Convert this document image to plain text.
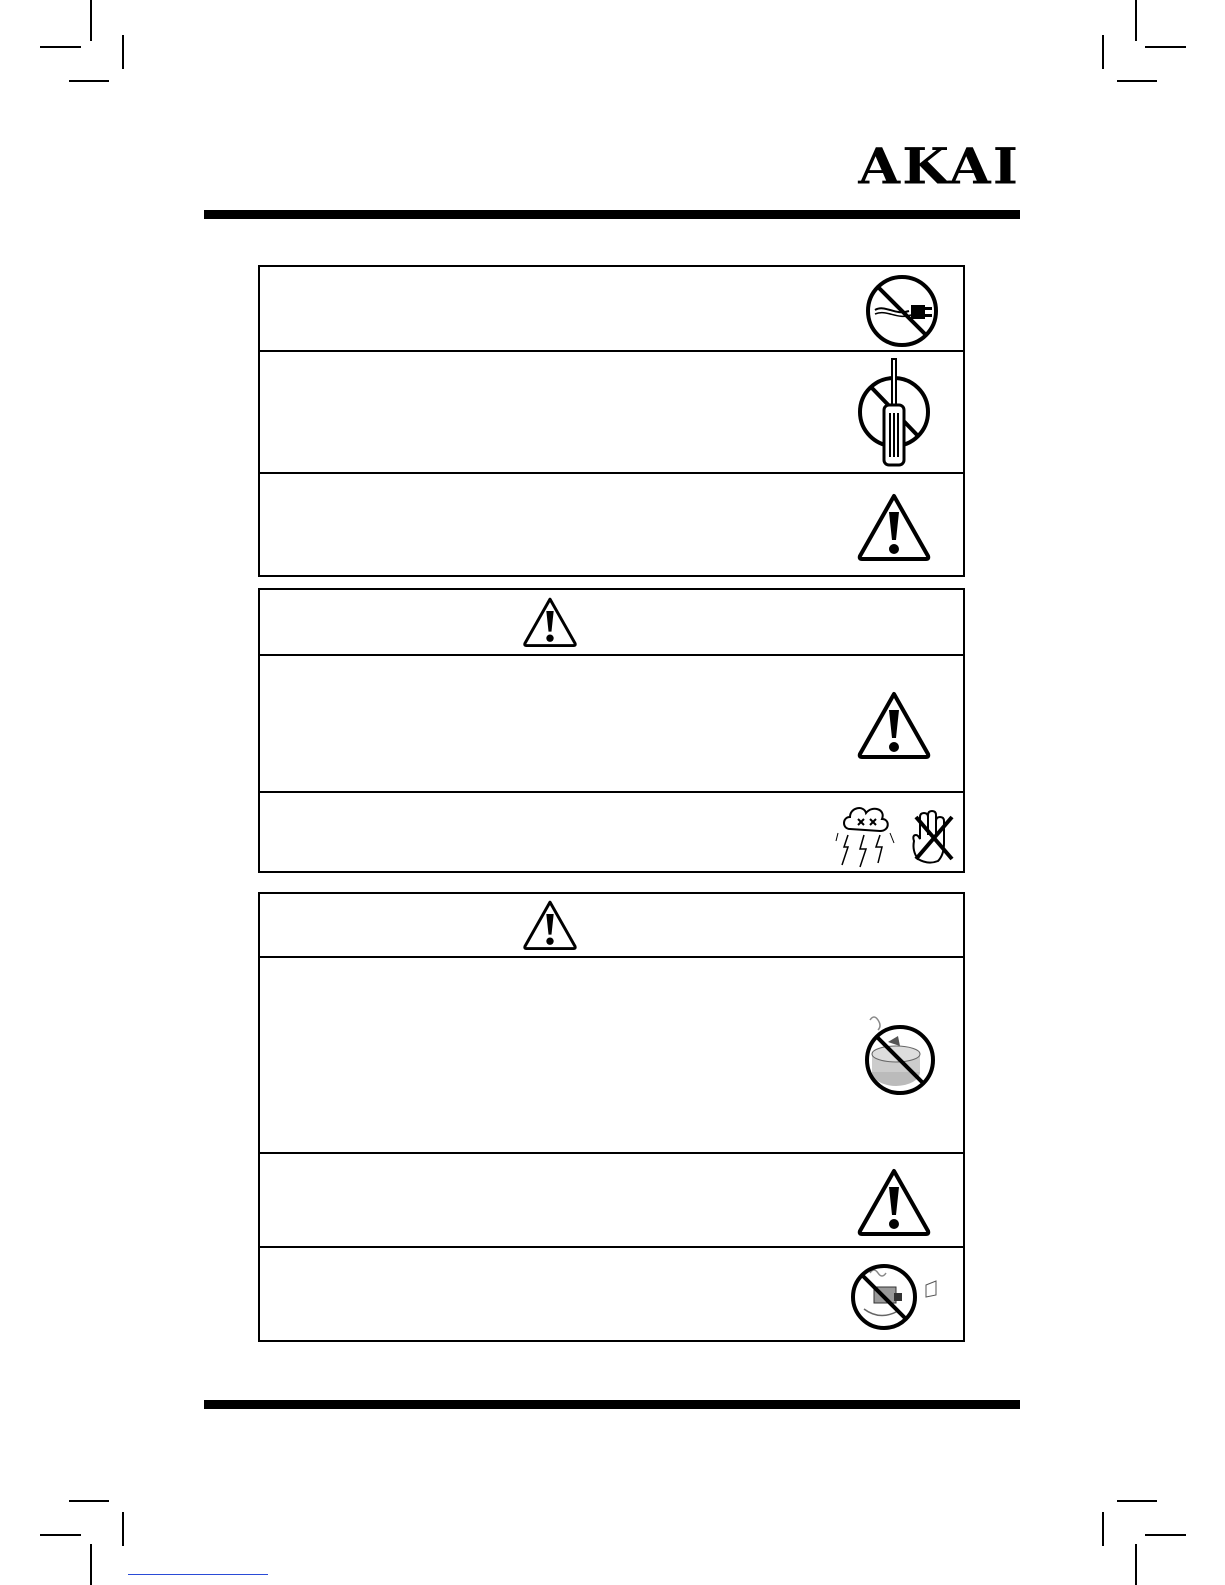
AKAI
